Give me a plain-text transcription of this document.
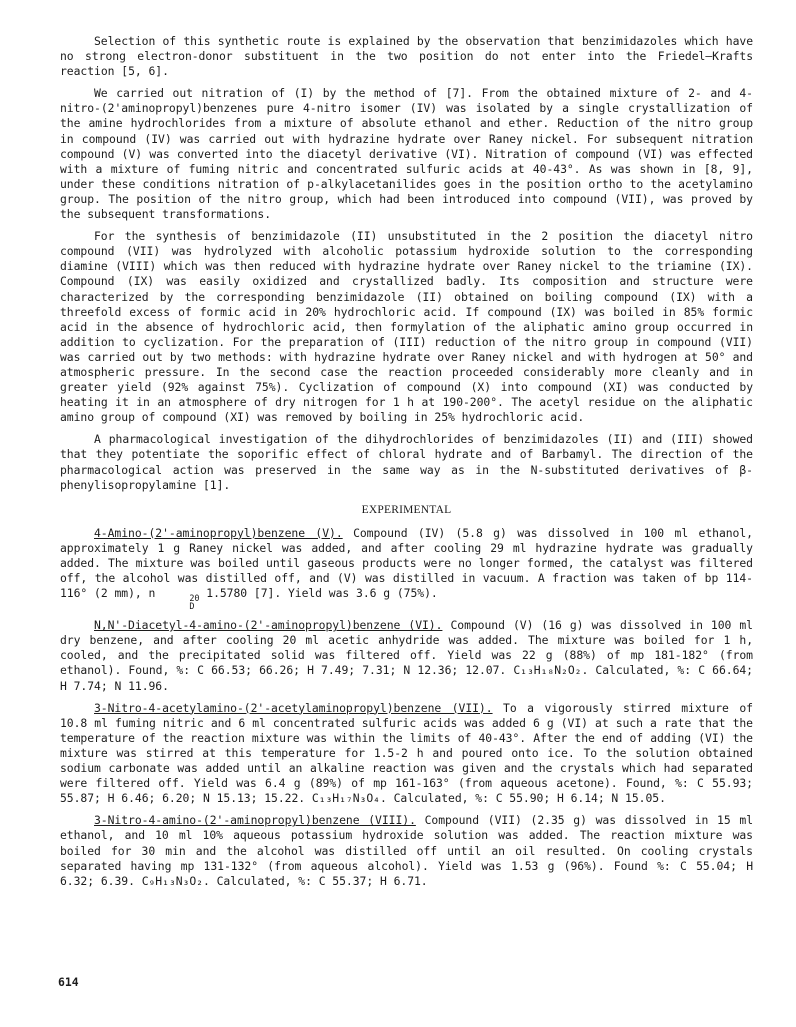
Selection of this synthetic route is explained by the observation that benzimidazoles which have no strong electron-donor substituent in the two position do not enter into the Friedel–Krafts reaction [5, 6].

We carried out nitration of (I) by the method of [7]. From the obtained mixture of 2- and 4-nitro-(2'aminopropyl)benzenes pure 4-nitro isomer (IV) was isolated by a single crystallization of the amine hydrochlorides from a mixture of absolute ethanol and ether. Reduction of the nitro group in compound (IV) was carried out with hydrazine hydrate over Raney nickel. For subsequent nitration compound (V) was converted into the diacetyl derivative (VI). Nitration of compound (VI) was effected with a mixture of fuming nitric and concentrated sulfuric acids at 40-43°. As was shown in [8, 9], under these conditions nitration of p-alkylacetanilides goes in the position ortho to the acetylamino group. The position of the nitro group, which had been introduced into compound (VII), was proved by the subsequent transformations.

For the synthesis of benzimidazole (II) unsubstituted in the 2 position the diacetyl nitro compound (VII) was hydrolyzed with alcoholic potassium hydroxide solution to the corresponding diamine (VIII) which was then reduced with hydrazine hydrate over Raney nickel to the triamine (IX). Compound (IX) was easily oxidized and crystallized badly. Its composition and structure were characterized by the corresponding benzimidazole (II) obtained on boiling compound (IX) with a threefold excess of formic acid in 20% hydrochloric acid. If compound (IX) was boiled in 85% formic acid in the absence of hydrochloric acid, then formylation of the aliphatic amino group occurred in addition to cyclization. For the preparation of (III) reduction of the nitro group in compound (VII) was carried out by two methods: with hydrazine hydrate over Raney nickel and with hydrogen at 50° and atmospheric pressure. In the second case the reaction proceeded considerably more cleanly and in greater yield (92% against 75%). Cyclization of compound (X) into compound (XI) was conducted by heating it in an atmosphere of dry nitrogen for 1 h at 190-200°. The acetyl residue on the aliphatic amino group of compound (XI) was removed by boiling in 25% hydrochloric acid.

A pharmacological investigation of the dihydrochlorides of benzimidazoles (II) and (III) showed that they potentiate the soporific effect of chloral hydrate and of Barbamyl. The direction of the pharmacological action was preserved in the same way as in the N-substituted derivatives of β-phenylisopropylamine [1].

EXPERIMENTAL

4-Amino-(2'-aminopropyl)benzene (V). Compound (IV) (5.8 g) was dissolved in 100 ml ethanol, approximately 1 g Raney nickel was added, and after cooling 29 ml hydrazine hydrate was gradually added. The mixture was boiled until gaseous products were no longer formed, the catalyst was filtered off, the alcohol was distilled off, and (V) was distilled in vacuum. A fraction was taken of bp 114-116° (2 mm), n	20
D
1.5780 [7]. Yield was 3.6 g (75%).

N,N'-Diacetyl-4-amino-(2'-aminopropyl)benzene (VI). Compound (V) (16 g) was dissolved in 100 ml dry benzene, and after cooling 20 ml acetic anhydride was added. The mixture was boiled for 1 h, cooled, and the precipitated solid was filtered off. Yield was 22 g (88%) of mp 181-182° (from ethanol). Found, %: C 66.53; 66.26; H 7.49; 7.31; N 12.36; 12.07. C₁₃H₁₈N₂O₂. Calculated, %: C 66.64; H 7.74; N 11.96.

3-Nitro-4-acetylamino-(2'-acetylaminopropyl)benzene (VII). To a vigorously stirred mixture of 10.8 ml fuming nitric and 6 ml concentrated sulfuric acids was added 6 g (VI) at such a rate that the temperature of the reaction mixture was within the limits of 40-43°. After the end of adding (VI) the mixture was stirred at this temperature for 1.5-2 h and poured onto ice. To the solution obtained sodium carbonate was added until an alkaline reaction was given and the crystals which had separated were filtered off. Yield was 6.4 g (89%) of mp 161-163° (from aqueous acetone). Found, %: C 55.93; 55.87; H 6.46; 6.20; N 15.13; 15.22. C₁₃H₁₇N₃O₄. Calculated, %: C 55.90; H 6.14; N 15.05.

3-Nitro-4-amino-(2'-aminopropyl)benzene (VIII). Compound (VII) (2.35 g) was dissolved in 15 ml ethanol, and 10 ml 10% aqueous potassium hydroxide solution was added. The reaction mixture was boiled for 30 min and the alcohol was distilled off until an oil resulted. On cooling crystals separated having mp 131-132° (from aqueous alcohol). Yield was 1.53 g (96%). Found %: C 55.04; H 6.32; 6.39. C₉H₁₃N₃O₂. Calculated, %: C 55.37; H 6.71.

614
